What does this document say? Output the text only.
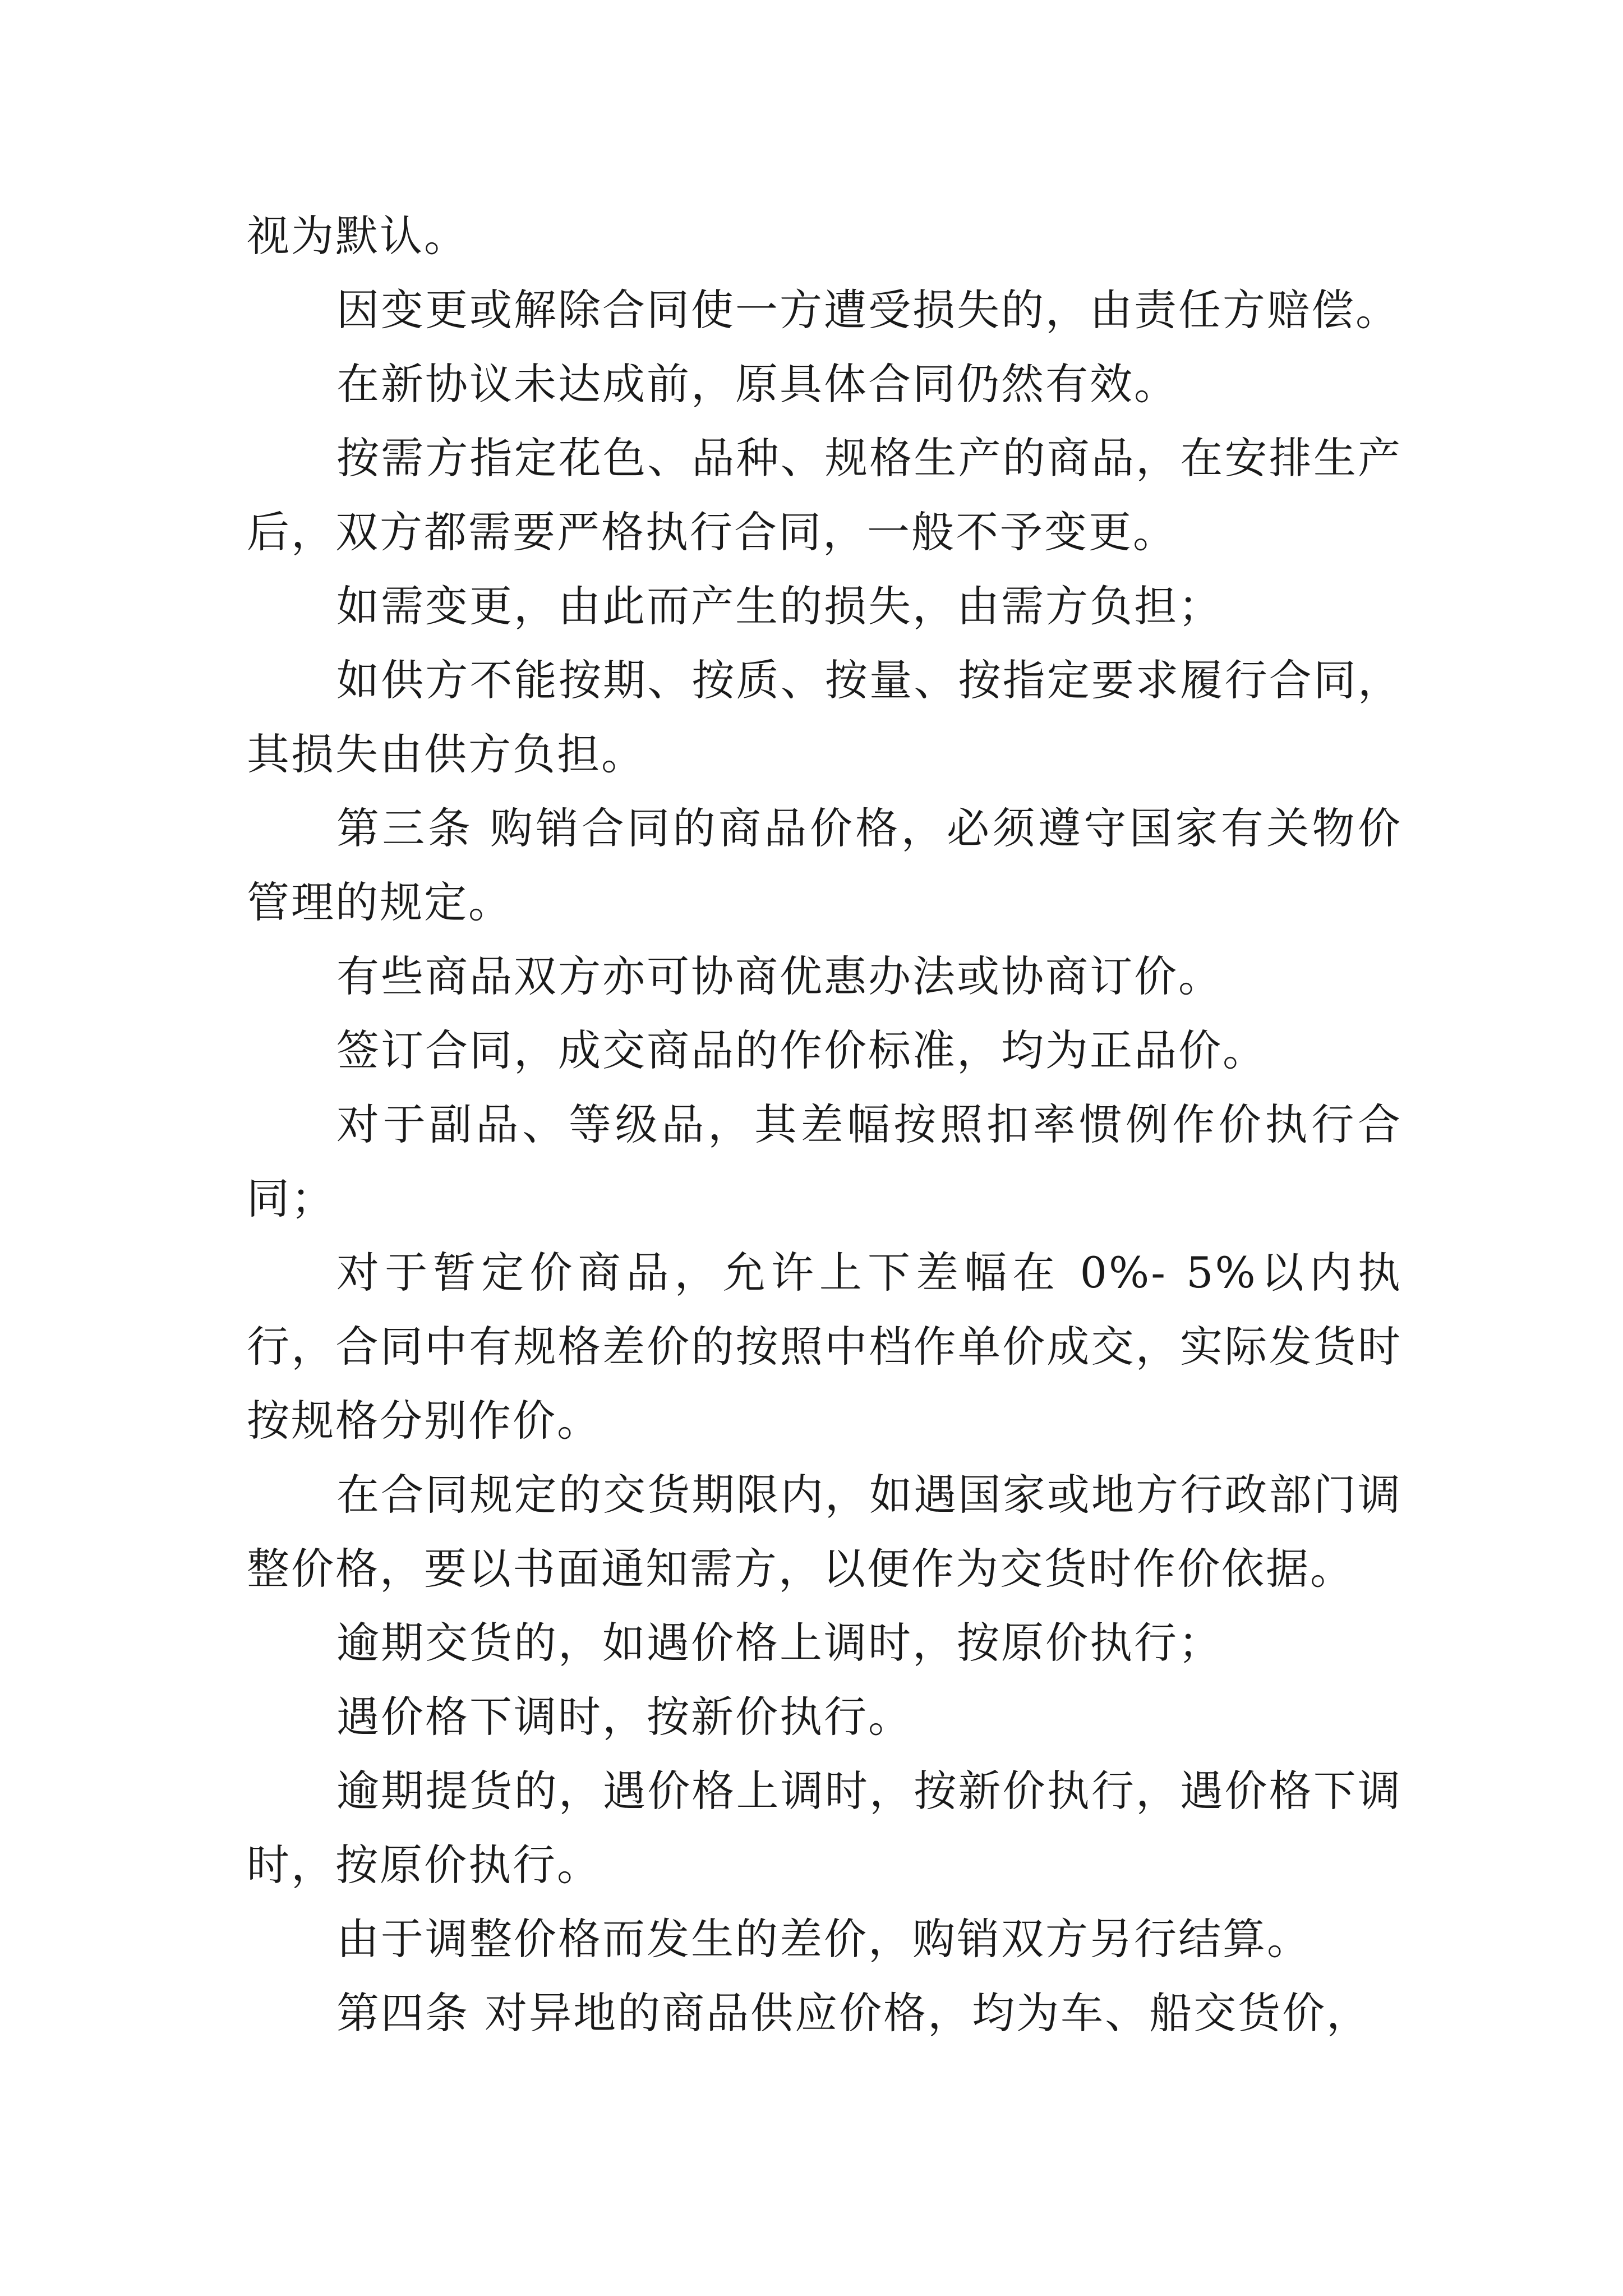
视为默认。

因变更或解除合同使一方遭受损失的，由责任方赔偿。

在新协议未达成前，原具体合同仍然有效。

按需方指定花色、品种、规格生产的商品，在安排生产后，双方都需要严格执行合同，一般不予变更。

如需变更，由此而产生的损失，由需方负担；

如供方不能按期、按质、按量、按指定要求履行合同，其损失由供方负担。

第三条 购销合同的商品价格，必须遵守国家有关物价管理的规定。

有些商品双方亦可协商优惠办法或协商订价。

签订合同，成交商品的作价标准，均为正品价。

对于副品、等级品，其差幅按照扣率惯例作价执行合同；

对于暂定价商品，允许上下差幅在 0%- 5%以内执行，合同中有规格差价的按照中档作单价成交，实际发货时按规格分别作价。

在合同规定的交货期限内，如遇国家或地方行政部门调整价格，要以书面通知需方，以便作为交货时作价依据。

逾期交货的，如遇价格上调时，按原价执行；

遇价格下调时，按新价执行。

逾期提货的，遇价格上调时，按新价执行，遇价格下调时，按原价执行。

由于调整价格而发生的差价，购销双方另行结算。

第四条 对异地的商品供应价格，均为车、船交货价，
